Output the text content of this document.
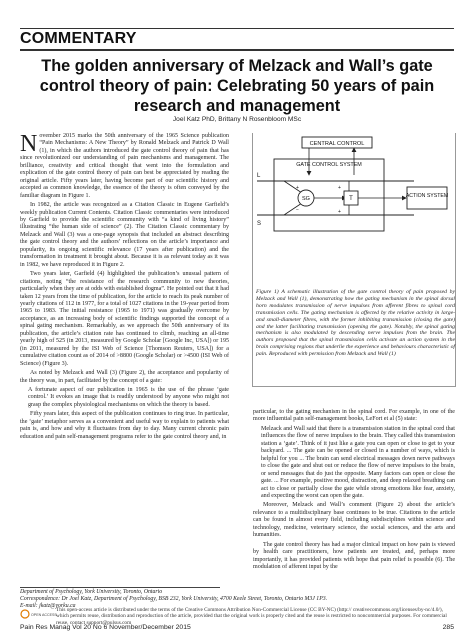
COMMENTARY
The golden anniversary of Melzack and Wall’s gate control theory of pain: Celebrating 50 years of pain research and management
Joel Katz PhD, Brittany N Rosenbloom MSc

November 2015 marks the 50th anniversary of the 1965 Science publication “Pain Mechanisms: A New Theory” by Ronald Melzack and Patrick D Wall (1), in which the authors introduced the gate control theory of pain that has since revolutionized our understanding of pain mechanisms and management. The brilliance, creativity and critical thought that went into the formulation and explication of the gate control theory of pain can best be appreciated by reading the original article. Fifty years later, having become part of our scientific history and accepted as common knowledge, the essence of the theory is often conveyed by the familiar diagram in Figure 1.

In 1982, the article was recognized as a Citation Classic in Eugene Garfield’s weekly publication Current Contents. Citation Classic commentaries were introduced by Garfield to provide the scientific community with “a kind of living history” illustrating “the human side of science” (2). The Citation Classic commentary by Melzack and Wall (3) was a one-page synopsis that included an abstract describing the gate control theory and the authors’ reflections on the article’s importance and popularity, its ongoing scientific relevance (17 years after publication) and the transformation in treatment it brought about. Because it is as relevant today as it was in 1982, we have reproduced it in Figure 2.

Two years later, Garfield (4) highlighted the publication’s unusual pattern of citations, noting “the resistance of the research community to new theories, particularly when they are at odds with established dogma”. He pointed out that it had taken 12 years from the time of publication, for the article to reach its peak number of yearly citations of 112 in 1977, for a total of 1027 citations in the 19-year period from 1965 to 1983. The initial resistance (1965 to 1971) was gradually overcome by acceptance, as an increasing body of scientific findings supported the concept of a spinal gating mechanism. Remarkably, as we approach the 50th anniversary of its publication, the article’s citation rate has continued to climb, reaching an all-time yearly high of 525 (in 2013, measured by Google Scholar [Google Inc, USA]) or 195 (in 2011, measured by the ISI Web of Science [Thomson Reuters, USA]) for a cumulative citation count as of 2014 of >8800 (Google Scholar) or >4500 (ISI Web of Science) (Figure 3).

As noted by Melzack and Wall (3) (Figure 2), the acceptance and popularity of the theory was, in part, facilitated by the concept of a gate:

A fortunate aspect of our publication in 1965 is the use of the phrase ‘gate control.’ It evokes an image that is readily understood by anyone who might not grasp the complex physiological mechanisms on which the theory is based.

Fifty years later, this aspect of the publication continues to ring true. In particular, the ‘gate’ metaphor serves as a convenient and useful way to explain to patients what pain is, and how and why it fluctuates from day to day. Many current chronic pain education and pain self-management programs refer to the gate control theory and, in

CENTRAL CONTROL
GATE CONTROL SYSTEM
L
S
SG	T	ACTION SYSTEM
+
−
+
+
Figure 1) A schematic illustration of the gate control theory of pain proposed by Melzack and Wall (1), demonstrating how the gating mechanism in the spinal dorsal horn modulates transmission of nerve impulses from afferent fibres to spinal cord transmission cells. The gating mechanism is affected by the relative activity in large- and small-diameter fibres, with the former inhibiting transmission (closing the gate) and the latter facilitating transmission (opening the gate). Notably, the spinal gating mechanism is also modulated by descending nerve impulses from the brain. The authors proposed that the spinal transmission cells activate an action system in the brain comprising regions that underlie the experience and behaviours characteristic of pain. Reproduced with permission from Melzack and Wall (1)

particular, to the gating mechanism in the spinal cord. For example, in one of the more influential pain self-management books, LeFort et al (5) state:

Melzack and Wall said that there is a transmission station in the spinal cord that influences the flow of nerve impulses to the brain. They called this transmission station a ‘gate’. Think of it just like a gate you can open or close to get to your backyard. ... The gate can be opened or closed in a number of ways, which is helpful for you ... The brain can send electrical messages down nerve pathways to close the gate and shut out or reduce the flow of nerve impulses to the brain, or send messages that do just the opposite. Many factors can open or close the gate. ... For example, positive mood, distraction, and deep relaxed breathing can act to close or partially close the gate while strong emotions like fear, anxiety, and expecting the worst can open the gate.

Moreover, Melzack and Wall’s comment (Figure 2) about the article’s relevance to a multidisciplinary base continues to be true. Citations to the article can be found in almost every field, including subdisciplines within science and technology, medicine, veterinary science, the social sciences, and the arts and humanities.

The gate control theory has had a major clinical impact on how pain is viewed by health care practitioners, how patients are treated, and, perhaps more importantly, it has provided patients with hope that pain relief is possible (6). The modulation of afferent input by the

Department of Psychology, York University, Toronto, Ontario
Correspondence: Dr Joel Katz, Department of Psychology, BSB 232, York University, 4700 Keele Street, Toronto, Ontario M3J 1P3.
E-mail: jkatz@yorku.ca
OPEN ACCESS
This open-access article is distributed under the terms of the Creative Commons Attribution Non-Commercial License (CC BY-NC) (http:// creativecommons.org/licenses/by-nc/4.0/), which permits reuse, distribution and reproduction of the article, provided that the original work is properly cited and the reuse is restricted to noncommercial purposes. For commercial reuse, contact support@pulsus.com
Pain Res Manag Vol 20 No 6 November/December 2015	285
